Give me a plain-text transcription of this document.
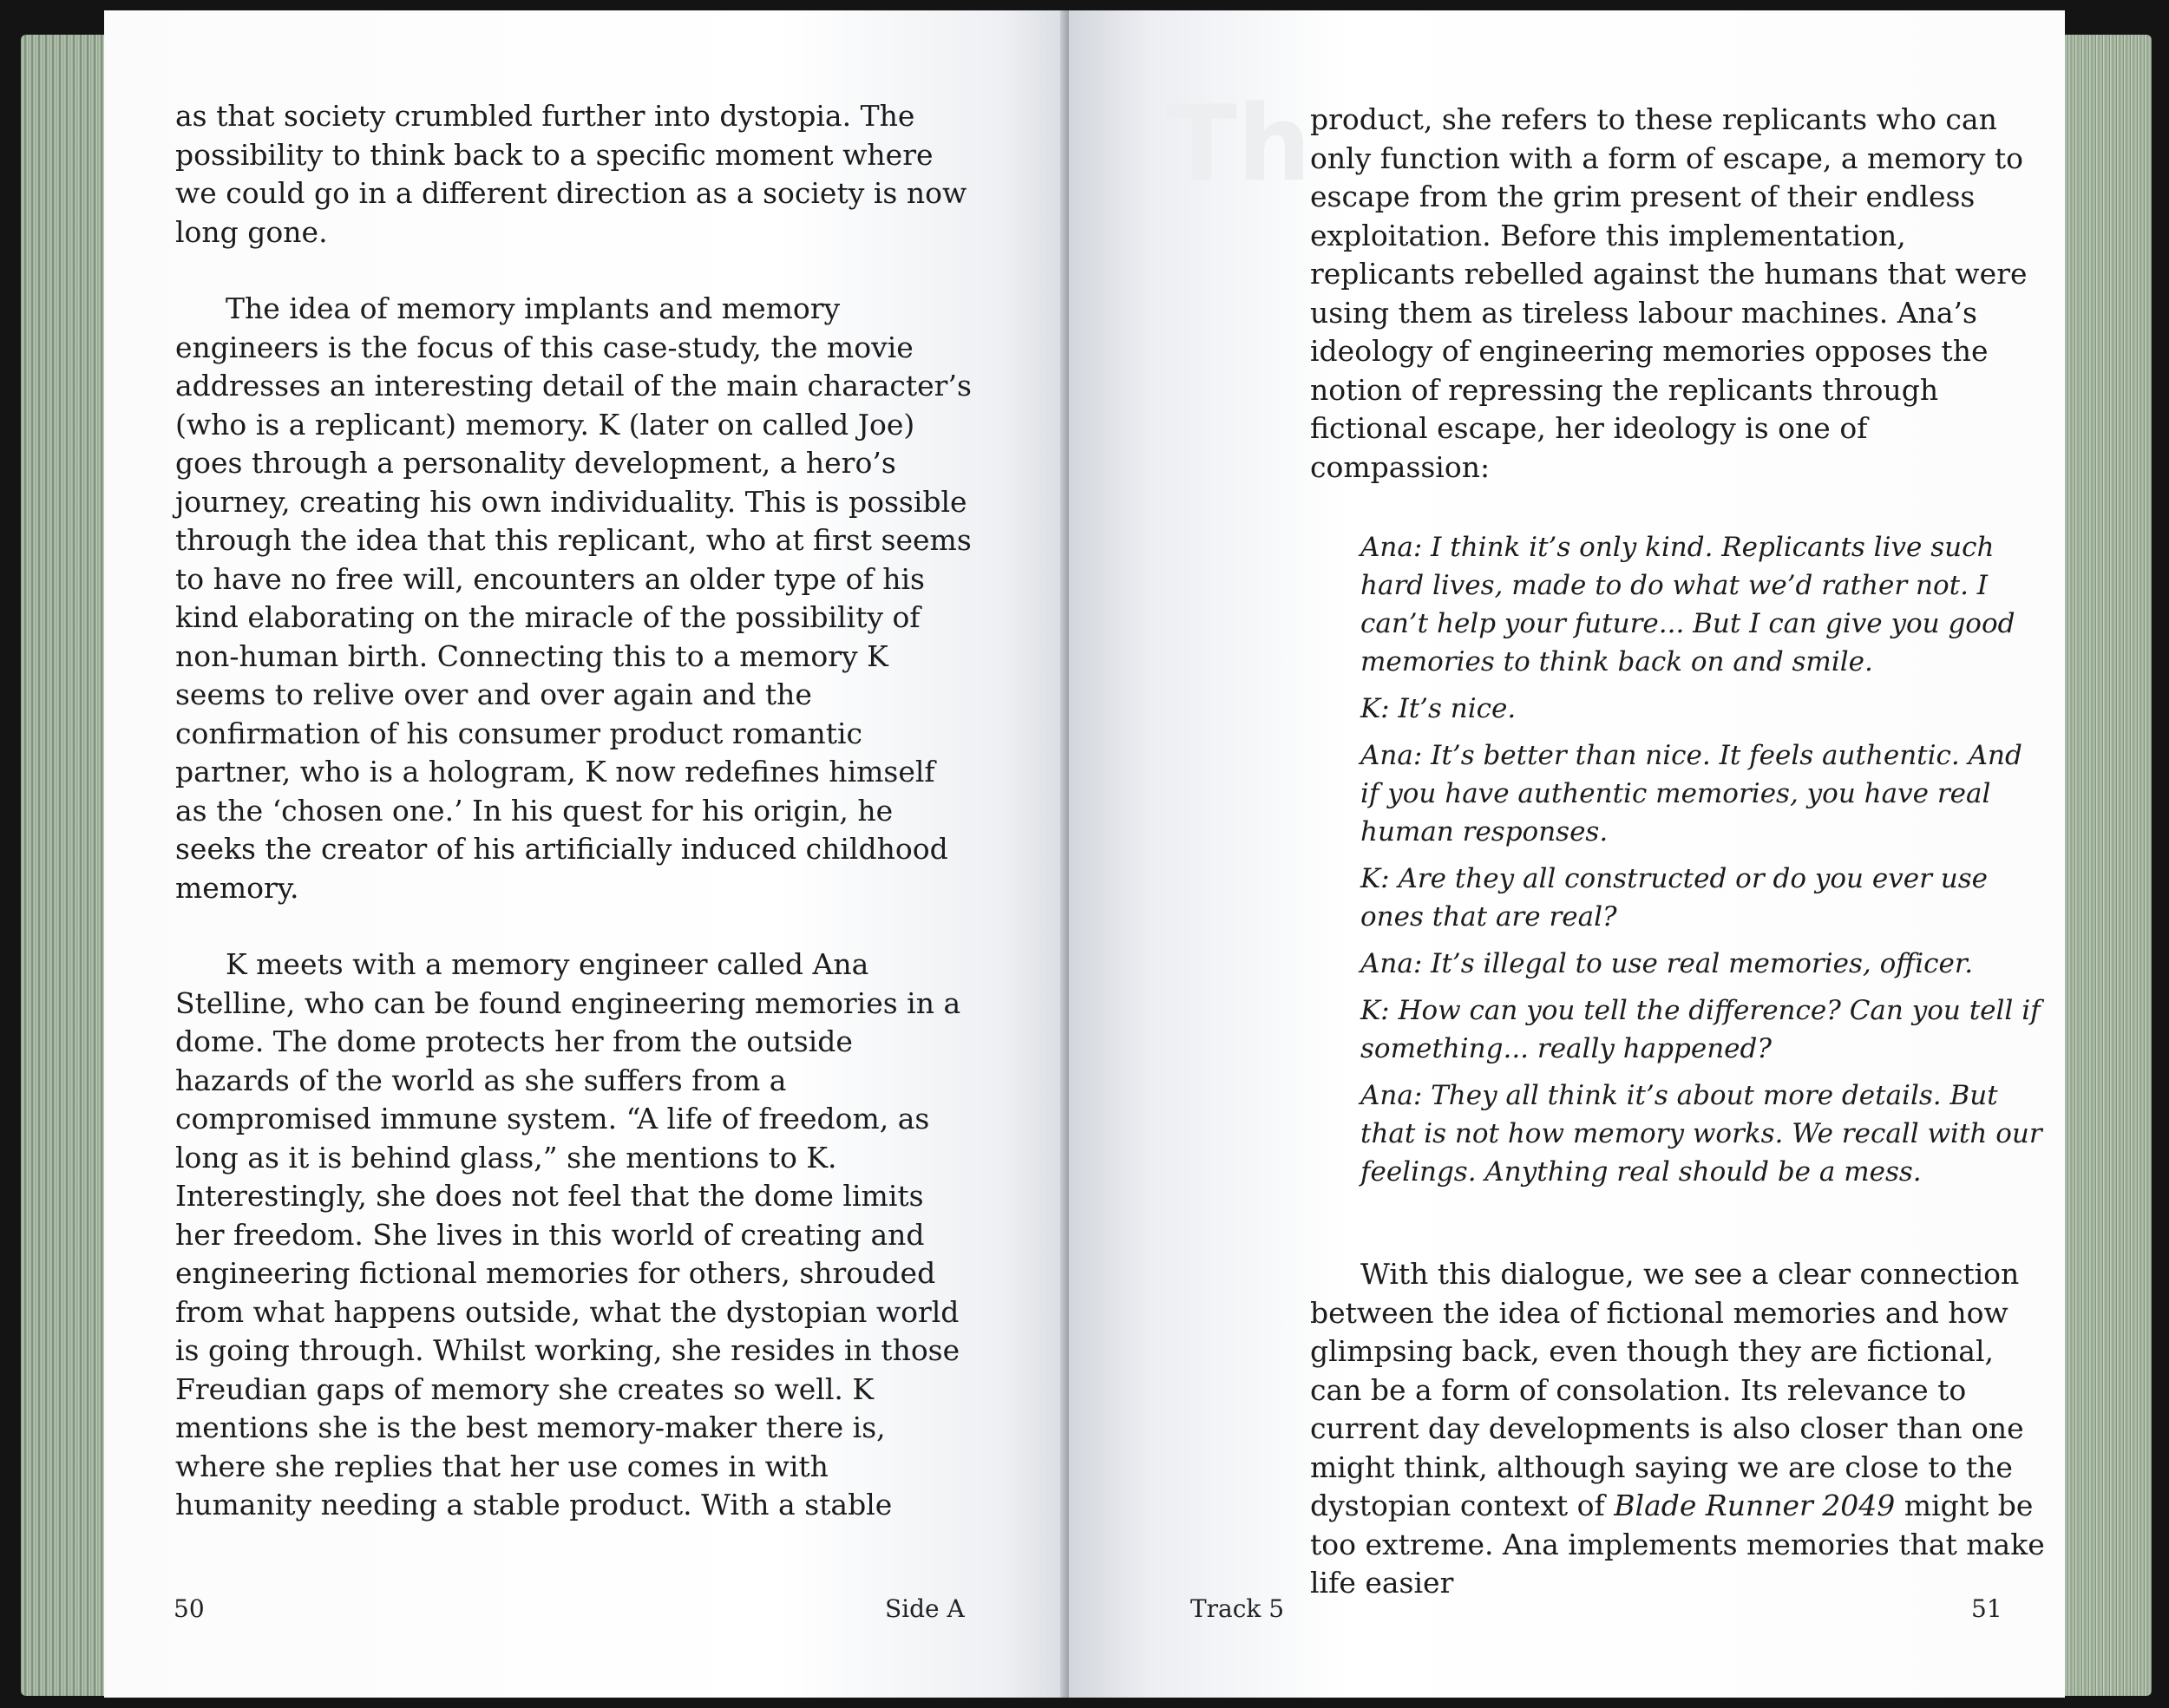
as that society crumbled further into dystopia. The possibility to think back to a specific moment where we could go in a different direction as a society is now long gone.

The idea of memory implants and memory engineers is the focus of this case-study, the movie addresses an interesting detail of the main character’s (who is a replicant) memory. K (later on called Joe) goes through a personality development, a hero’s journey, creating his own individuality. This is possible through the idea that this replicant, who at first seems to have no free will, encounters an older type of his kind elaborating on the miracle of the possibility of non-human birth. Connecting this to a memory K seems to relive over and over again and the confirmation of his consumer product romantic partner, who is a hologram, K now redefines himself as the ‘chosen one.’ In his quest for his origin, he seeks the creator of his artificially induced childhood memory.

K meets with a memory engineer called Ana Stelline, who can be found engineering memories in a dome. The dome protects her from the outside hazards of the world as she suffers from a compromised immune system. “A life of freedom, as long as it is behind glass,” she mentions to K. Interestingly, she does not feel that the dome limits her freedom. She lives in this world of creating and engineering fictional memories for others, shrouded from what happens outside, what the dystopian world is going through. Whilst working, she resides in those Freudian gaps of memory she creates so well. K mentions she is the best memory-maker there is, where she replies that her use comes in with humanity needing a stable product. With a stable

50	Side A
Th

product, she refers to these replicants who can only function with a form of escape, a memory to escape from the grim present of their endless exploitation. Before this implementation, replicants rebelled against the humans that were using them as tireless labour machines. Ana’s ideology of engineering memories opposes the notion of repressing the replicants through fictional escape, her ideology is one of compassion:

Ana: I think it’s only kind. Replicants live such hard lives, made to do what we’d rather not. I can’t help your future... But I can give you good memories to think back on and smile.

K: It’s nice.

Ana: It’s better than nice. It feels authentic. And if you have authentic memories, you have real human responses.

K: Are they all constructed or do you ever use ones that are real?

Ana: It’s illegal to use real memories, officer.

K: How can you tell the difference? Can you tell if something... really happened?

Ana: They all think it’s about more details. But that is not how memory works. We recall with our feelings. Anything real should be a mess.

With this dialogue, we see a clear connection between the idea of fictional memories and how glimpsing back, even though they are fictional, can be a form of consolation. Its relevance to current day developments is also closer than one might think, although saying we are close to the dystopian context of Blade Runner 2049 might be too extreme. Ana implements memories that make life easier

Track 5	51
